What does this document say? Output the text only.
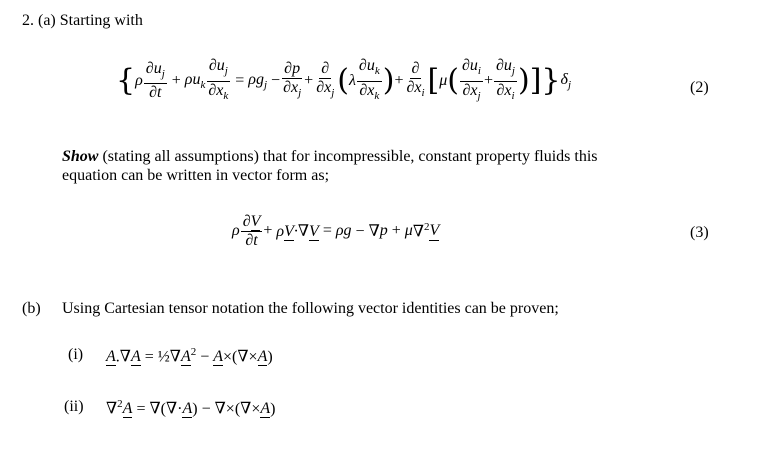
2. (a) Starting with
{ ρ $\frac{\partial u_j}{\partial t} + \rho u_k \frac{\partial u_j}{\partial x_k} = \rho g_j - \frac{\partial p}{\partial x_j} + \frac{\partial}{\partial x_j}$ ( λ $\frac{\partial u_k}{\partial x_k}$ ) + $\frac{\partial}{\partial x_i}$ [ μ ( $\frac{\partial u_i}{\partial x_j} + \frac{\partial u_j}{\partial x_i}$ )] } $\delta_j$	(2)
Show (stating all assumptions) that for incompressible, constant property fluids this
equation can be written in vector form as;
ρ $\frac{\partial V}{\partial t} + \rho V\cdot\nabla V = \rho g$ − ∇ p + μ ∇$^2$ V	(3)
(b) Using Cartesian tensor notation the following vector identities can be proven;
(i) $A.\nabla A = \frac{1}{2}\nabla A^2 - A\times(\nabla\times A)$
(ii) ∇$^2$A = ∇(∇·A) − ∇×(∇×A)
